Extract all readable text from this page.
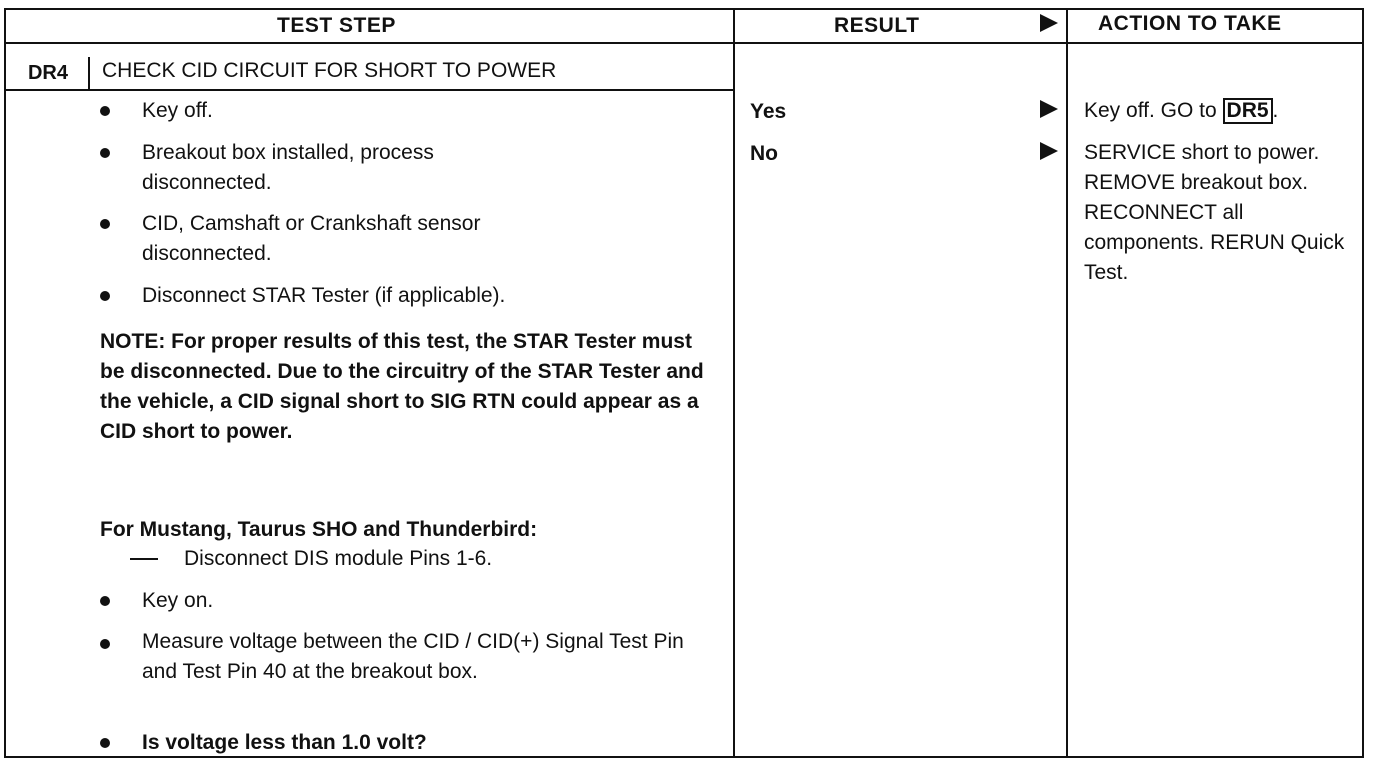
TEST STEP	RESULT	ACTION TO TAKE
DR4	CHECK CID CIRCUIT FOR SHORT TO POWER
Key off.
Breakout box installed, process disconnected.
CID, Camshaft or Crankshaft sensor disconnected.
Disconnect STAR Tester (if applicable).
NOTE: For proper results of this test, the STAR Tester must be disconnected. Due to the circuitry of the STAR Tester and the vehicle, a CID signal short to SIG RTN could appear as a CID short to power.
For Mustang, Taurus SHO and Thunderbird:
Disconnect DIS module Pins 1-6.
Key on.
Measure voltage between the CID / CID(+) Signal Test Pin and Test Pin 40 at the breakout box.
Is voltage less than 1.0 volt?
Yes	Key off. GO to DR5 .
No	SERVICE short to power. REMOVE breakout box. RECONNECT all components. RERUN Quick Test.
